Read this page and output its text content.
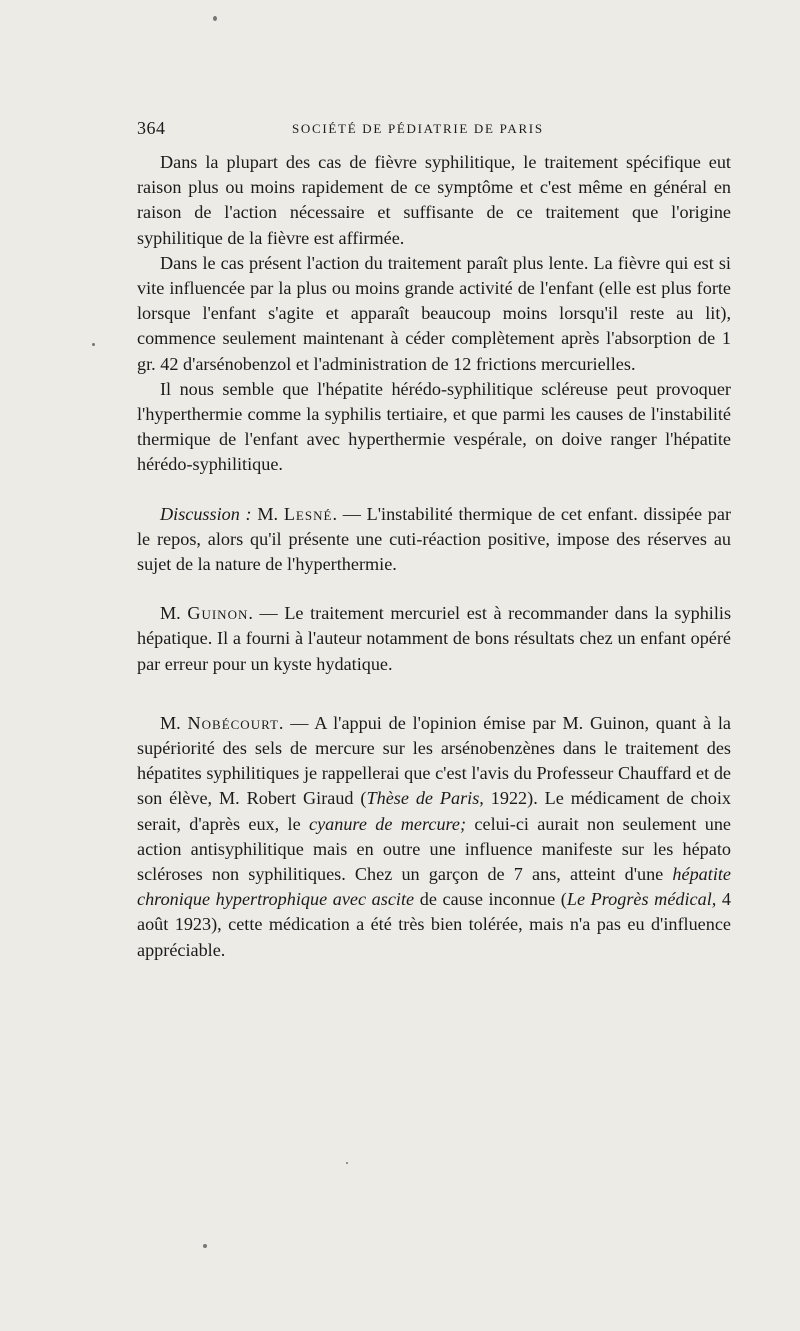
364	SOCIÉTÉ DE PÉDIATRIE DE PARIS

Dans la plupart des cas de fièvre syphilitique, le traitement spécifique eut raison plus ou moins rapidement de ce symptôme et c'est même en général en raison de l'action nécessaire et suffisante de ce traitement que l'origine syphilitique de la fièvre est affirmée.

Dans le cas présent l'action du traitement paraît plus lente. La fièvre qui est si vite influencée par la plus ou moins grande activité de l'enfant (elle est plus forte lorsque l'enfant s'agite et apparaît beaucoup moins lorsqu'il reste au lit), commence seulement maintenant à céder complètement après l'absorption de 1 gr. 42 d'arsénobenzol et l'administration de 12 frictions mercurielles.

Il nous semble que l'hépatite hérédo-syphilitique scléreuse peut provoquer l'hyperthermie comme la syphilis tertiaire, et que parmi les causes de l'instabilité thermique de l'enfant avec hyperthermie vespérale, on doive ranger l'hépatite hérédo-syphilitique.

Discussion : M. Lesné. — L'instabilité thermique de cet enfant. dissipée par le repos, alors qu'il présente une cuti-réaction positive, impose des réserves au sujet de la nature de l'hyperthermie.

M. Guinon. — Le traitement mercuriel est à recommander dans la syphilis hépatique. Il a fourni à l'auteur notamment de bons résultats chez un enfant opéré par erreur pour un kyste hydatique.

M. Nobécourt. — A l'appui de l'opinion émise par M. Guinon, quant à la supériorité des sels de mercure sur les arsénobenzènes dans le traitement des hépatites syphilitiques je rappellerai que c'est l'avis du Professeur Chauffard et de son élève, M. Robert Giraud (Thèse de Paris, 1922). Le médicament de choix serait, d'après eux, le cyanure de mercure; celui-ci aurait non seulement une action antisyphilitique mais en outre une influence manifeste sur les hépato scléroses non syphilitiques. Chez un garçon de 7 ans, atteint d'une hépatite chronique hypertrophique avec ascite de cause inconnue (Le Progrès médical, 4 août 1923), cette médication a été très bien tolérée, mais n'a pas eu d'influence appréciable.
